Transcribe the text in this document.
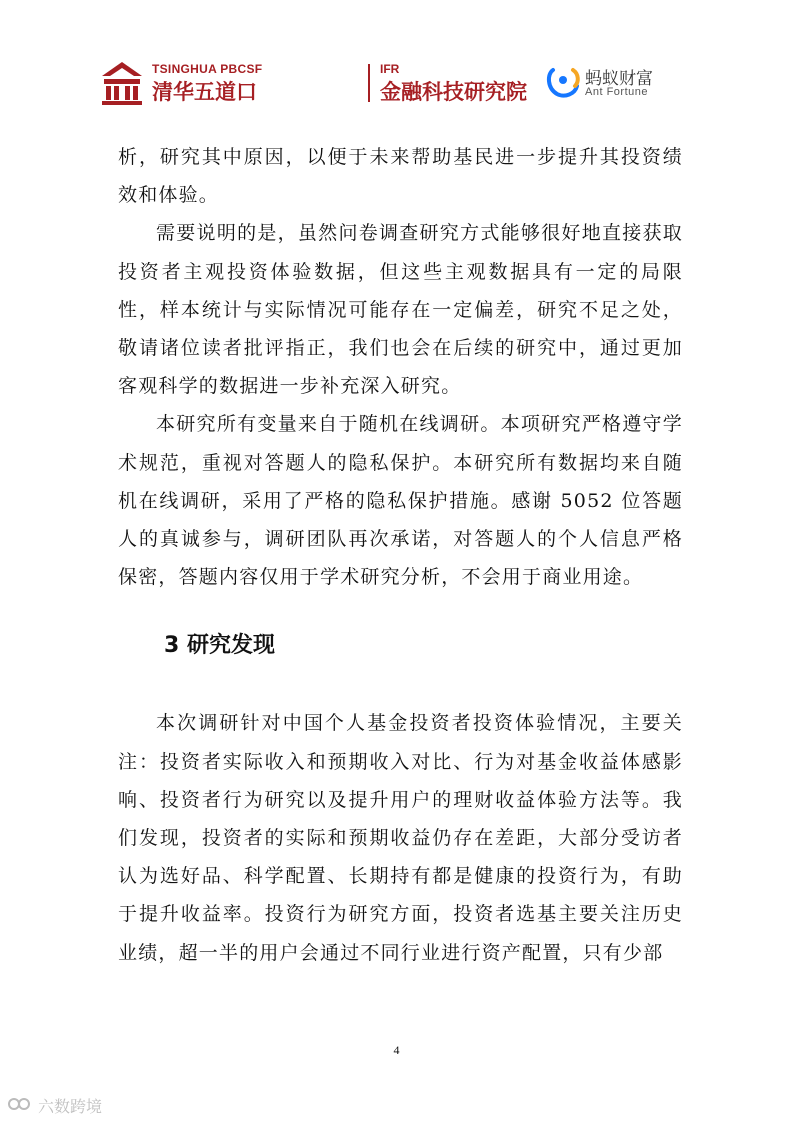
TSINGHUA PBCSF
清华五道口
IFR
金融科技研究院
蚂蚁财富
Ant Fortune

析，研究其中原因，以便于未来帮助基民进一步提升其投资绩效和体验。

需要说明的是，虽然问卷调查研究方式能够很好地直接获取投资者主观投资体验数据，但这些主观数据具有一定的局限性，样本统计与实际情况可能存在一定偏差，研究不足之处，敬请诸位读者批评指正，我们也会在后续的研究中，通过更加客观科学的数据进一步补充深入研究。

本研究所有变量来自于随机在线调研。本项研究严格遵守学术规范，重视对答题人的隐私保护。本研究所有数据均来自随机在线调研，采用了严格的隐私保护措施。感谢 5052 位答题人的真诚参与，调研团队再次承诺，对答题人的个人信息严格保密，答题内容仅用于学术研究分析，不会用于商业用途。

3 研究发现

本次调研针对中国个人基金投资者投资体验情况，主要关注：投资者实际收入和预期收入对比、行为对基金收益体感影响、投资者行为研究以及提升用户的理财收益体验方法等。我们发现，投资者的实际和预期收益仍存在差距，大部分受访者认为选好品、科学配置、长期持有都是健康的投资行为，有助于提升收益率。投资行为研究方面，投资者选基主要关注历史业绩，超一半的用户会通过不同行业进行资产配置，只有少部

4
六数跨境
